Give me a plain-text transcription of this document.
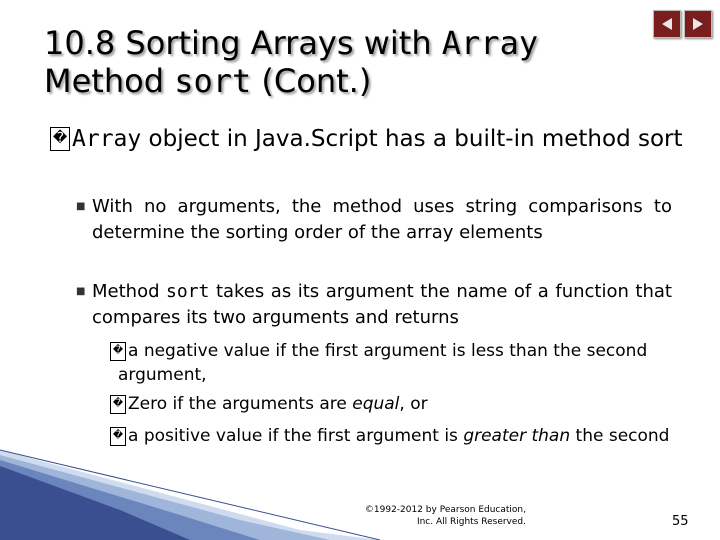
10.8 Sorting Arrays with Array
Method sort (Cont.)
� Array object in Java.Script has a built-in method sort
■ With no arguments, the method uses string comparisons to determine the sorting order of the array elements
■ Method sort takes as its argument the name of a function that compares its two arguments and returns
� a negative value if the first argument is less than the second argument,
� Zero if the arguments are equal, or
� a positive value if the first argument is greater than the second
©1992-2012 by Pearson Education,
Inc. All Rights Reserved.	55
